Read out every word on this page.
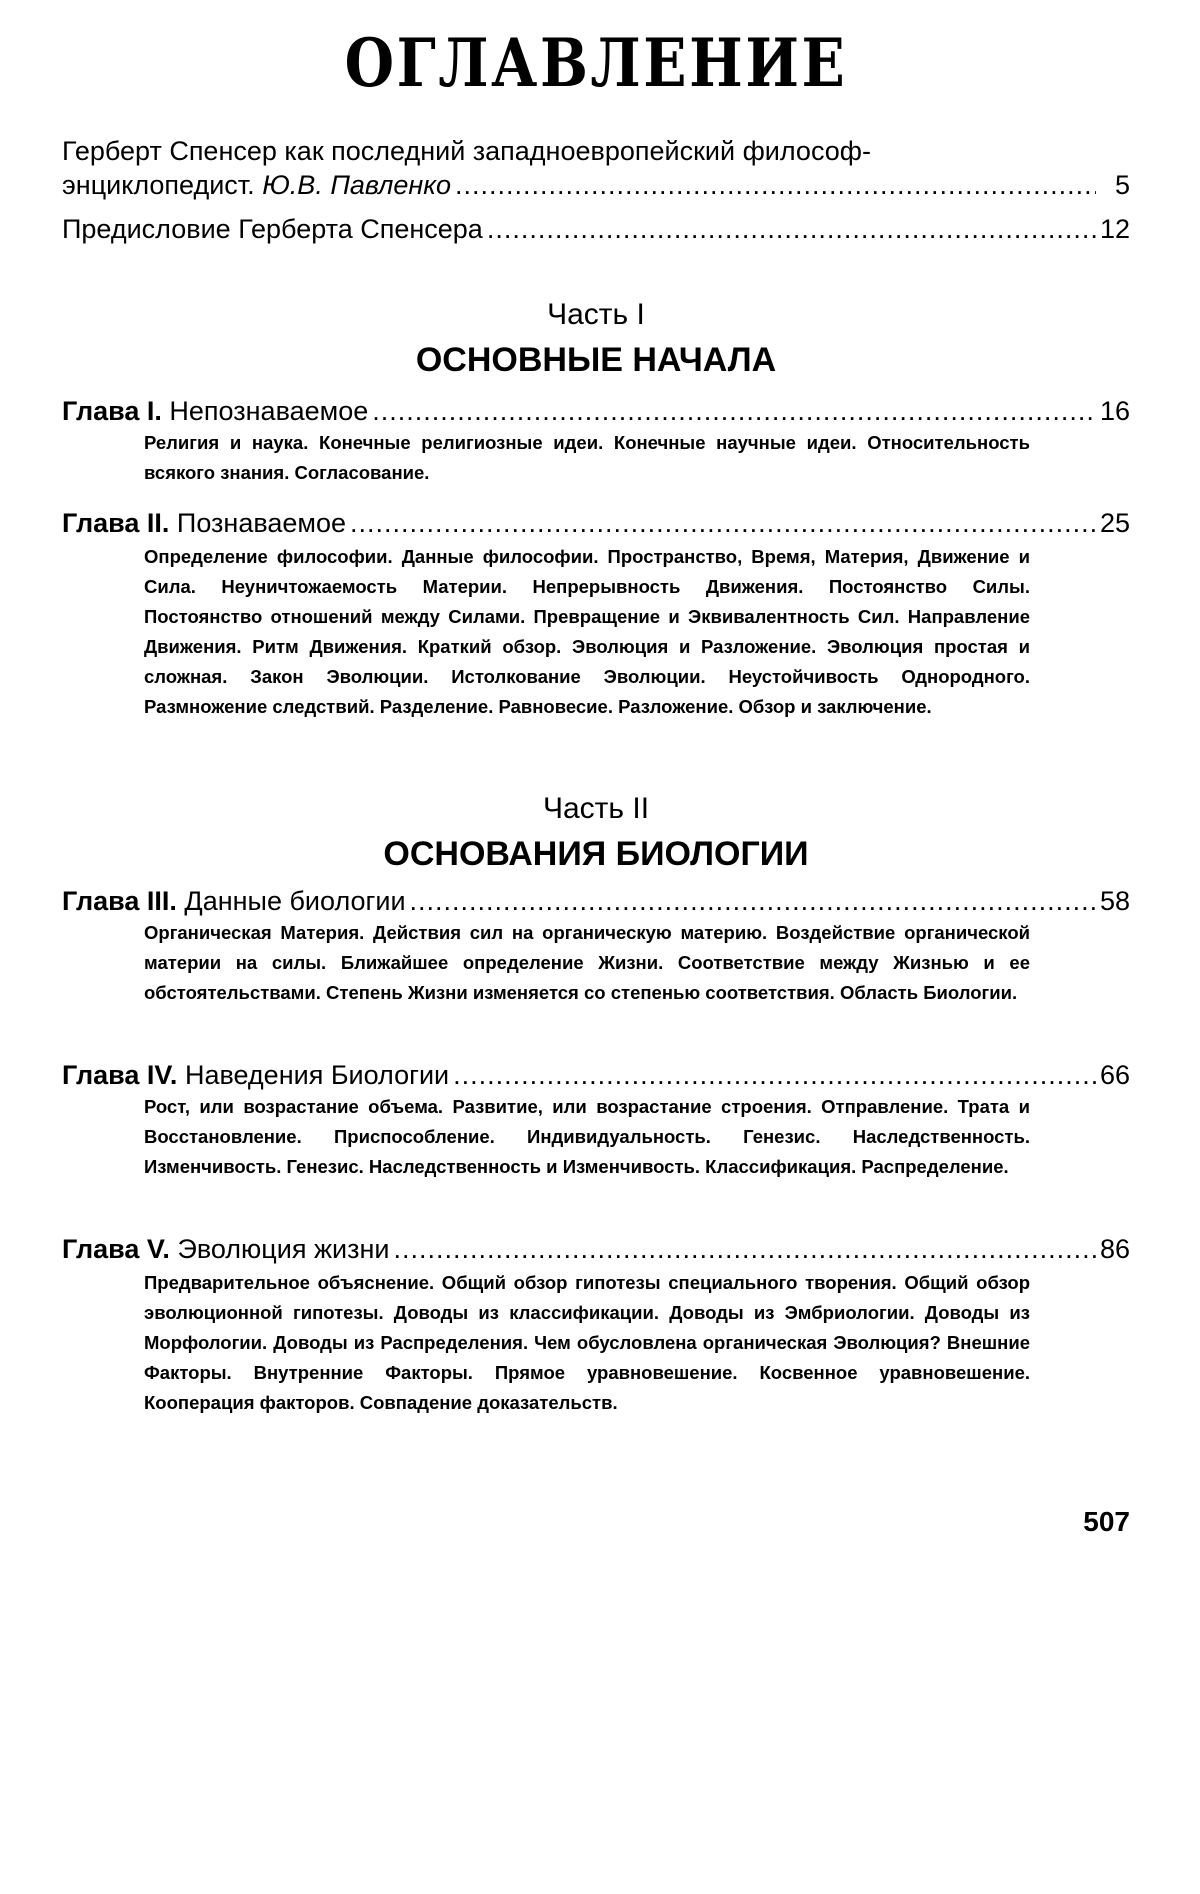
ОГЛАВЛЕНИЕ
Герберт Спенсер как последний западноевропейский философ-
энциклопедист. Ю.В. Павленко .....	5
Предисловие Герберта Спенсера .....	12
Часть I
ОСНОВНЫЕ НАЧАЛА
Глава I. Непознаваемое .....	16
Религия и наука. Конечные религиозные идеи. Конечные научные идеи. Относительность всякого знания. Согласование.
Глава II. Познаваемое .....	25
Определение философии. Данные философии. Пространство, Время, Материя, Движение и Сила. Неуничтожаемость Материи. Непрерывность Движения. Постоянство Силы. Постоянство отношений между Силами. Превращение и Эквивалентность Сил. Направление Движения. Ритм Движения. Краткий обзор. Эволюция и Разложение. Эволюция простая и сложная. Закон Эволюции. Истолкование Эволюции. Неустойчивость Однородного. Размножение следствий. Разделение. Равновесие. Разложение. Обзор и заключение.
Часть II
ОСНОВАНИЯ БИОЛОГИИ
Глава III. Данные биологии .....	58
Органическая Материя. Действия сил на органическую материю. Воздействие органической материи на силы. Ближайшее определение Жизни. Соответствие между Жизнью и ее обстоятельствами. Степень Жизни изменяется со степенью соответствия. Область Биологии.
Глава IV. Наведения Биологии .....	66
Рост, или возрастание объема. Развитие, или возрастание строения. Отправление. Трата и Восстановление. Приспособление. Индивидуальность. Генезис. Наследственность. Изменчивость. Генезис. Наследственность и Изменчивость. Классификация. Распределение.
Глава V. Эволюция жизни .....	86
Предварительное объяснение. Общий обзор гипотезы специального творения. Общий обзор эволюционной гипотезы. Доводы из классификации. Доводы из Эмбриологии. Доводы из Морфологии. Доводы из Распределения. Чем обусловлена органическая Эволюция? Внешние Факторы. Внутренние Факторы. Прямое уравновешение. Косвенное уравновешение. Кооперация факторов. Совпадение доказательств.
507
